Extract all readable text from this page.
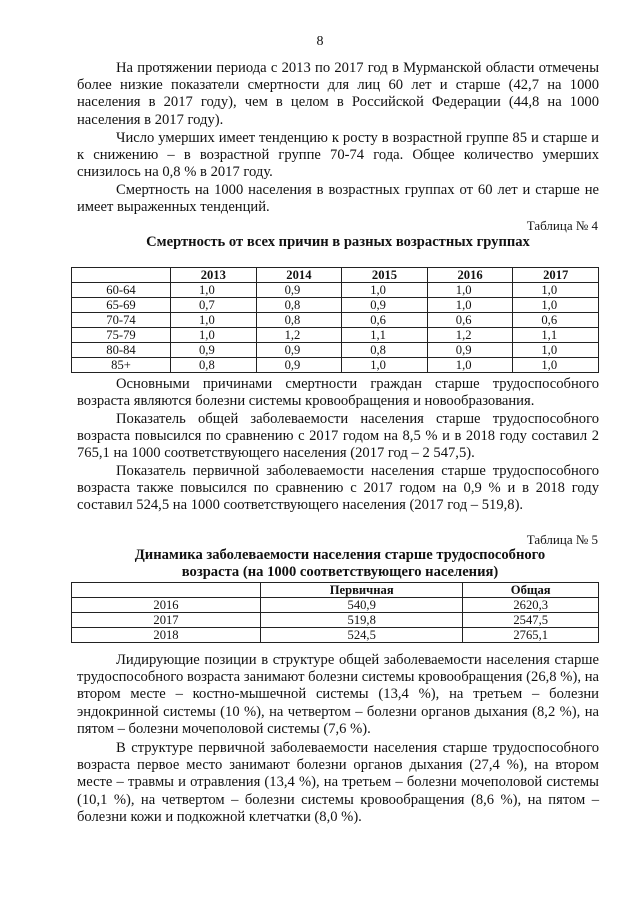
8

На протяжении периода с 2013 по 2017 год в Мурманской области отмечены более низкие показатели смертности для лиц 60 лет и старше (42,7 на 1000 населения в 2017 году), чем в целом в Российской Федерации (44,8 на 1000 населения в 2017 году).

Число умерших имеет тенденцию к росту в возрастной группе 85 и старше и к снижению – в возрастной группе 70-74 года. Общее количество умерших снизилось на 0,8 % в 2017 году.

Смертность на 1000 населения в возрастных группах от 60 лет и старше не имеет выраженных тенденций.

Таблица № 4
Смертность от всех причин в разных возрастных группах
	2013	2014	2015	2016	2017
60-64	1,0	0,9	1,0	1,0	1,0
65-69	0,7	0,8	0,9	1,0	1,0
70-74	1,0	0,8	0,6	0,6	0,6
75-79	1,0	1,2	1,1	1,2	1,1
80-84	0,9	0,9	0,8	0,9	1,0
85+	0,8	0,9	1,0	1,0	1,0

Основными причинами смертности граждан старше трудоспособного возраста являются болезни системы кровообращения и новообразования.

Показатель общей заболеваемости населения старше трудоспособного возраста повысился по сравнению с 2017 годом на 8,5 % и в 2018 году составил 2 765,1 на 1000 соответствующего населения (2017 год – 2 547,5).

Показатель первичной заболеваемости населения старше трудоспособного возраста также повысился по сравнению с 2017 годом на 0,9 % и в 2018 году составил 524,5 на 1000 соответствующего населения (2017 год – 519,8).

Таблица № 5
Динамика заболеваемости населения старше трудоспособного возраста (на 1000 соответствующего населения)
	Первичная	Общая
2016	540,9	2620,3
2017	519,8	2547,5
2018	524,5	2765,1

Лидирующие позиции в структуре общей заболеваемости населения старше трудоспособного возраста занимают болезни системы кровообращения (26,8 %), на втором месте – костно-мышечной системы (13,4 %), на третьем – болезни эндокринной системы (10 %), на четвертом – болезни органов дыхания (8,2 %), на пятом – болезни мочеполовой системы (7,6 %).

В структуре первичной заболеваемости населения старше трудоспособного возраста первое место занимают болезни органов дыхания (27,4 %), на втором месте – травмы и отравления (13,4 %), на третьем – болезни мочеполовой системы (10,1 %), на четвертом – болезни системы кровообращения (8,6 %), на пятом – болезни кожи и подкожной клетчатки (8,0 %).
